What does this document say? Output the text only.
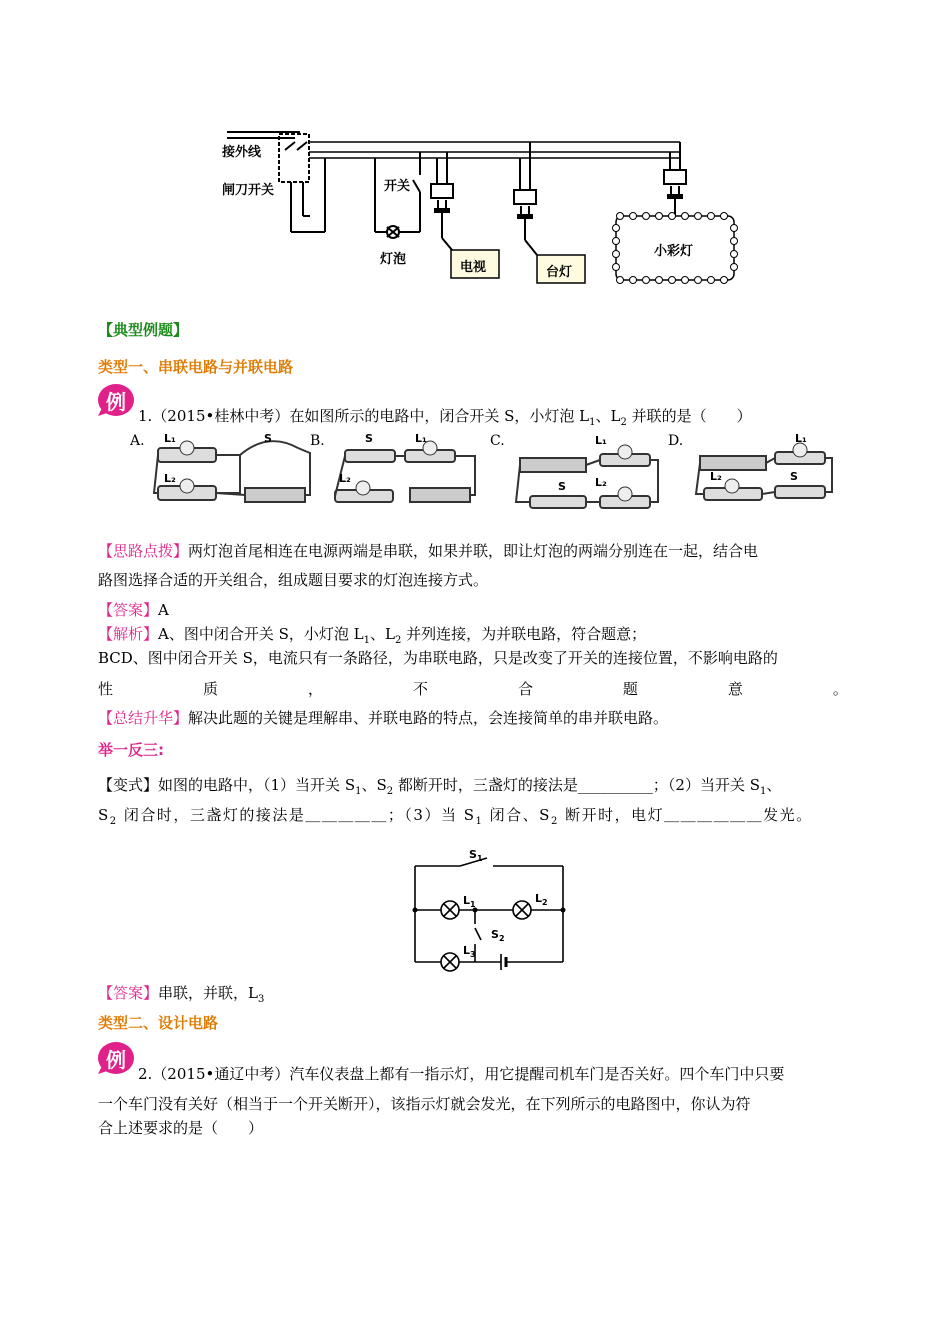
接外线
闸刀开关	开关
灯泡
电视	台灯
小彩灯
【典型例题】
类型一、串联电路与并联电路
例
1.（2015•桂林中考）在如图所示的电路中，闭合开关 S，小灯泡 $L_1$、$L_2$ 并联的是（　　）
A.	B.	C.	D.
L₁
L₂
S	S	L₁
L₂
L₁
S	L₂
L₁
L₂	S
【思路点拨】两灯泡首尾相连在电源两端是串联，如果并联，即让灯泡的两端分别连在一起，结合电
路图选择合适的开关组合，组成题目要求的灯泡连接方式。
【答案】A
【解析】A、图中闭合开关 S，小灯泡 $L_1$、$L_2$ 并列连接，为并联电路，符合题意；
BCD、图中闭合开关 S，电流只有一条路径，为串联电路，只是改变了开关的连接位置，不影响电路的
性	质	，	不	合	题	意	。
【总结升华】解决此题的关键是理解串、并联电路的特点，会连接简单的串并联电路。
举一反三:
【变式】如图的电路中，（1）当开关 $S_1$、$S_2$ 都断开时，三盏灯的接法是__________；（2）当开关 $S_1$、
$S_2$ 闭合时，三盏灯的接法是＿＿＿＿＿；（3）当 $S_1$ 闭合、$S_2$ 断开时，电灯＿＿＿＿＿＿发光。
$S_1$
$L_1$	$L_2$
$S_2$
$L_3$
【答案】串联，并联，$L_3$
类型二、设计电路
例
2.（2015•通辽中考）汽车仪表盘上都有一指示灯，用它提醒司机车门是否关好。四个车门中只要
一个车门没有关好（相当于一个开关断开），该指示灯就会发光，在下列所示的电路图中，你认为符
合上述要求的是（　　）
